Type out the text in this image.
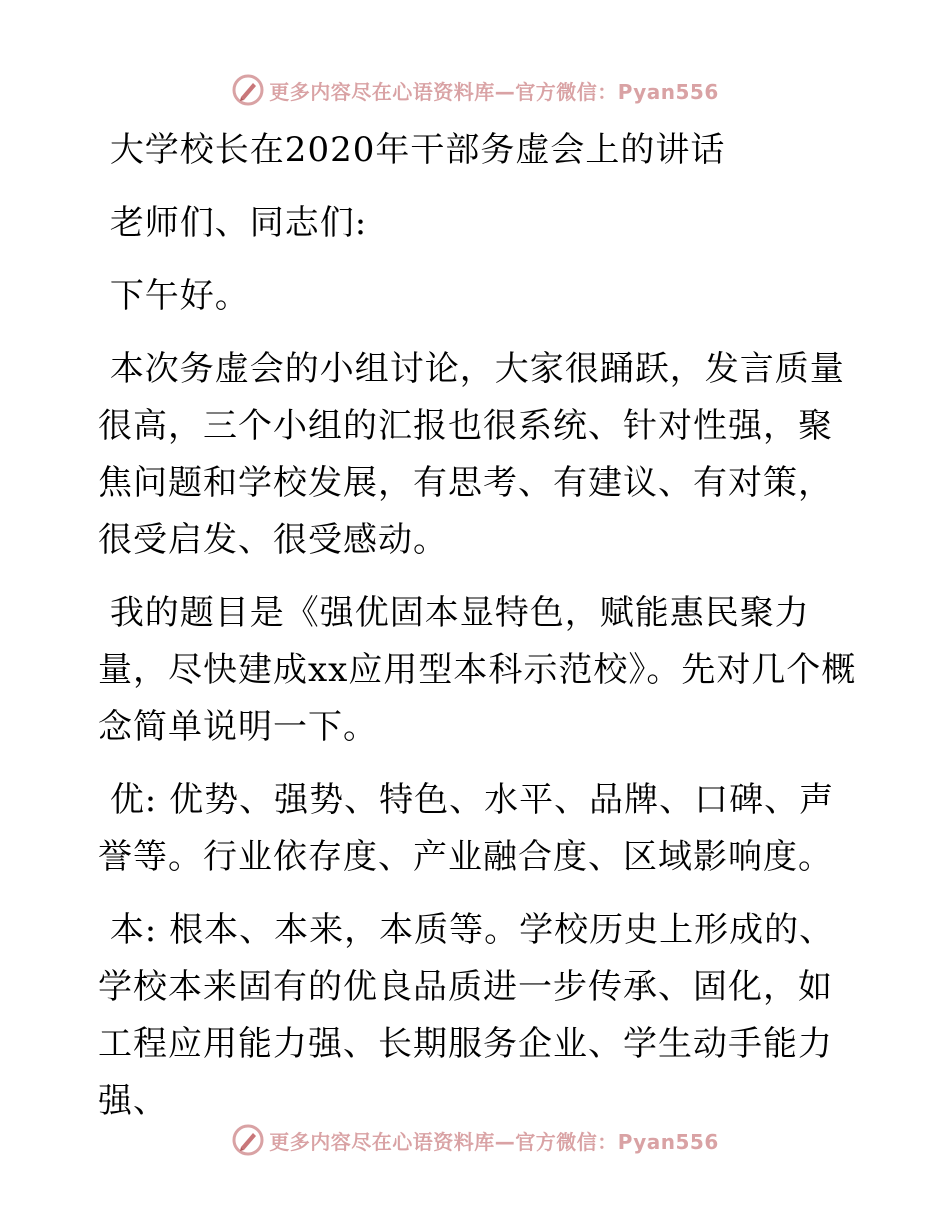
更多内容尽在心语资料库—官方微信：Pyan556

大学校长在2020年干部务虚会上的讲话

老师们、同志们:

下午好。

本次务虚会的小组讨论，大家很踊跃，发言质量很高，三个小组的汇报也很系统、针对性强，聚焦问题和学校发展，有思考、有建议、有对策，很受启发、很受感动。

我的题目是《强优固本显特色，赋能惠民聚力量，尽快建成xx应用型本科示范校》。先对几个概念简单说明一下。

优: 优势、强势、特色、水平、品牌、口碑、声誉等。行业依存度、产业融合度、区域影响度。

本: 根本、本来，本质等。学校历史上形成的、学校本来固有的优良品质进一步传承、固化，如工程应用能力强、长期服务企业、学生动手能力强、

更多内容尽在心语资料库—官方微信：Pyan556
